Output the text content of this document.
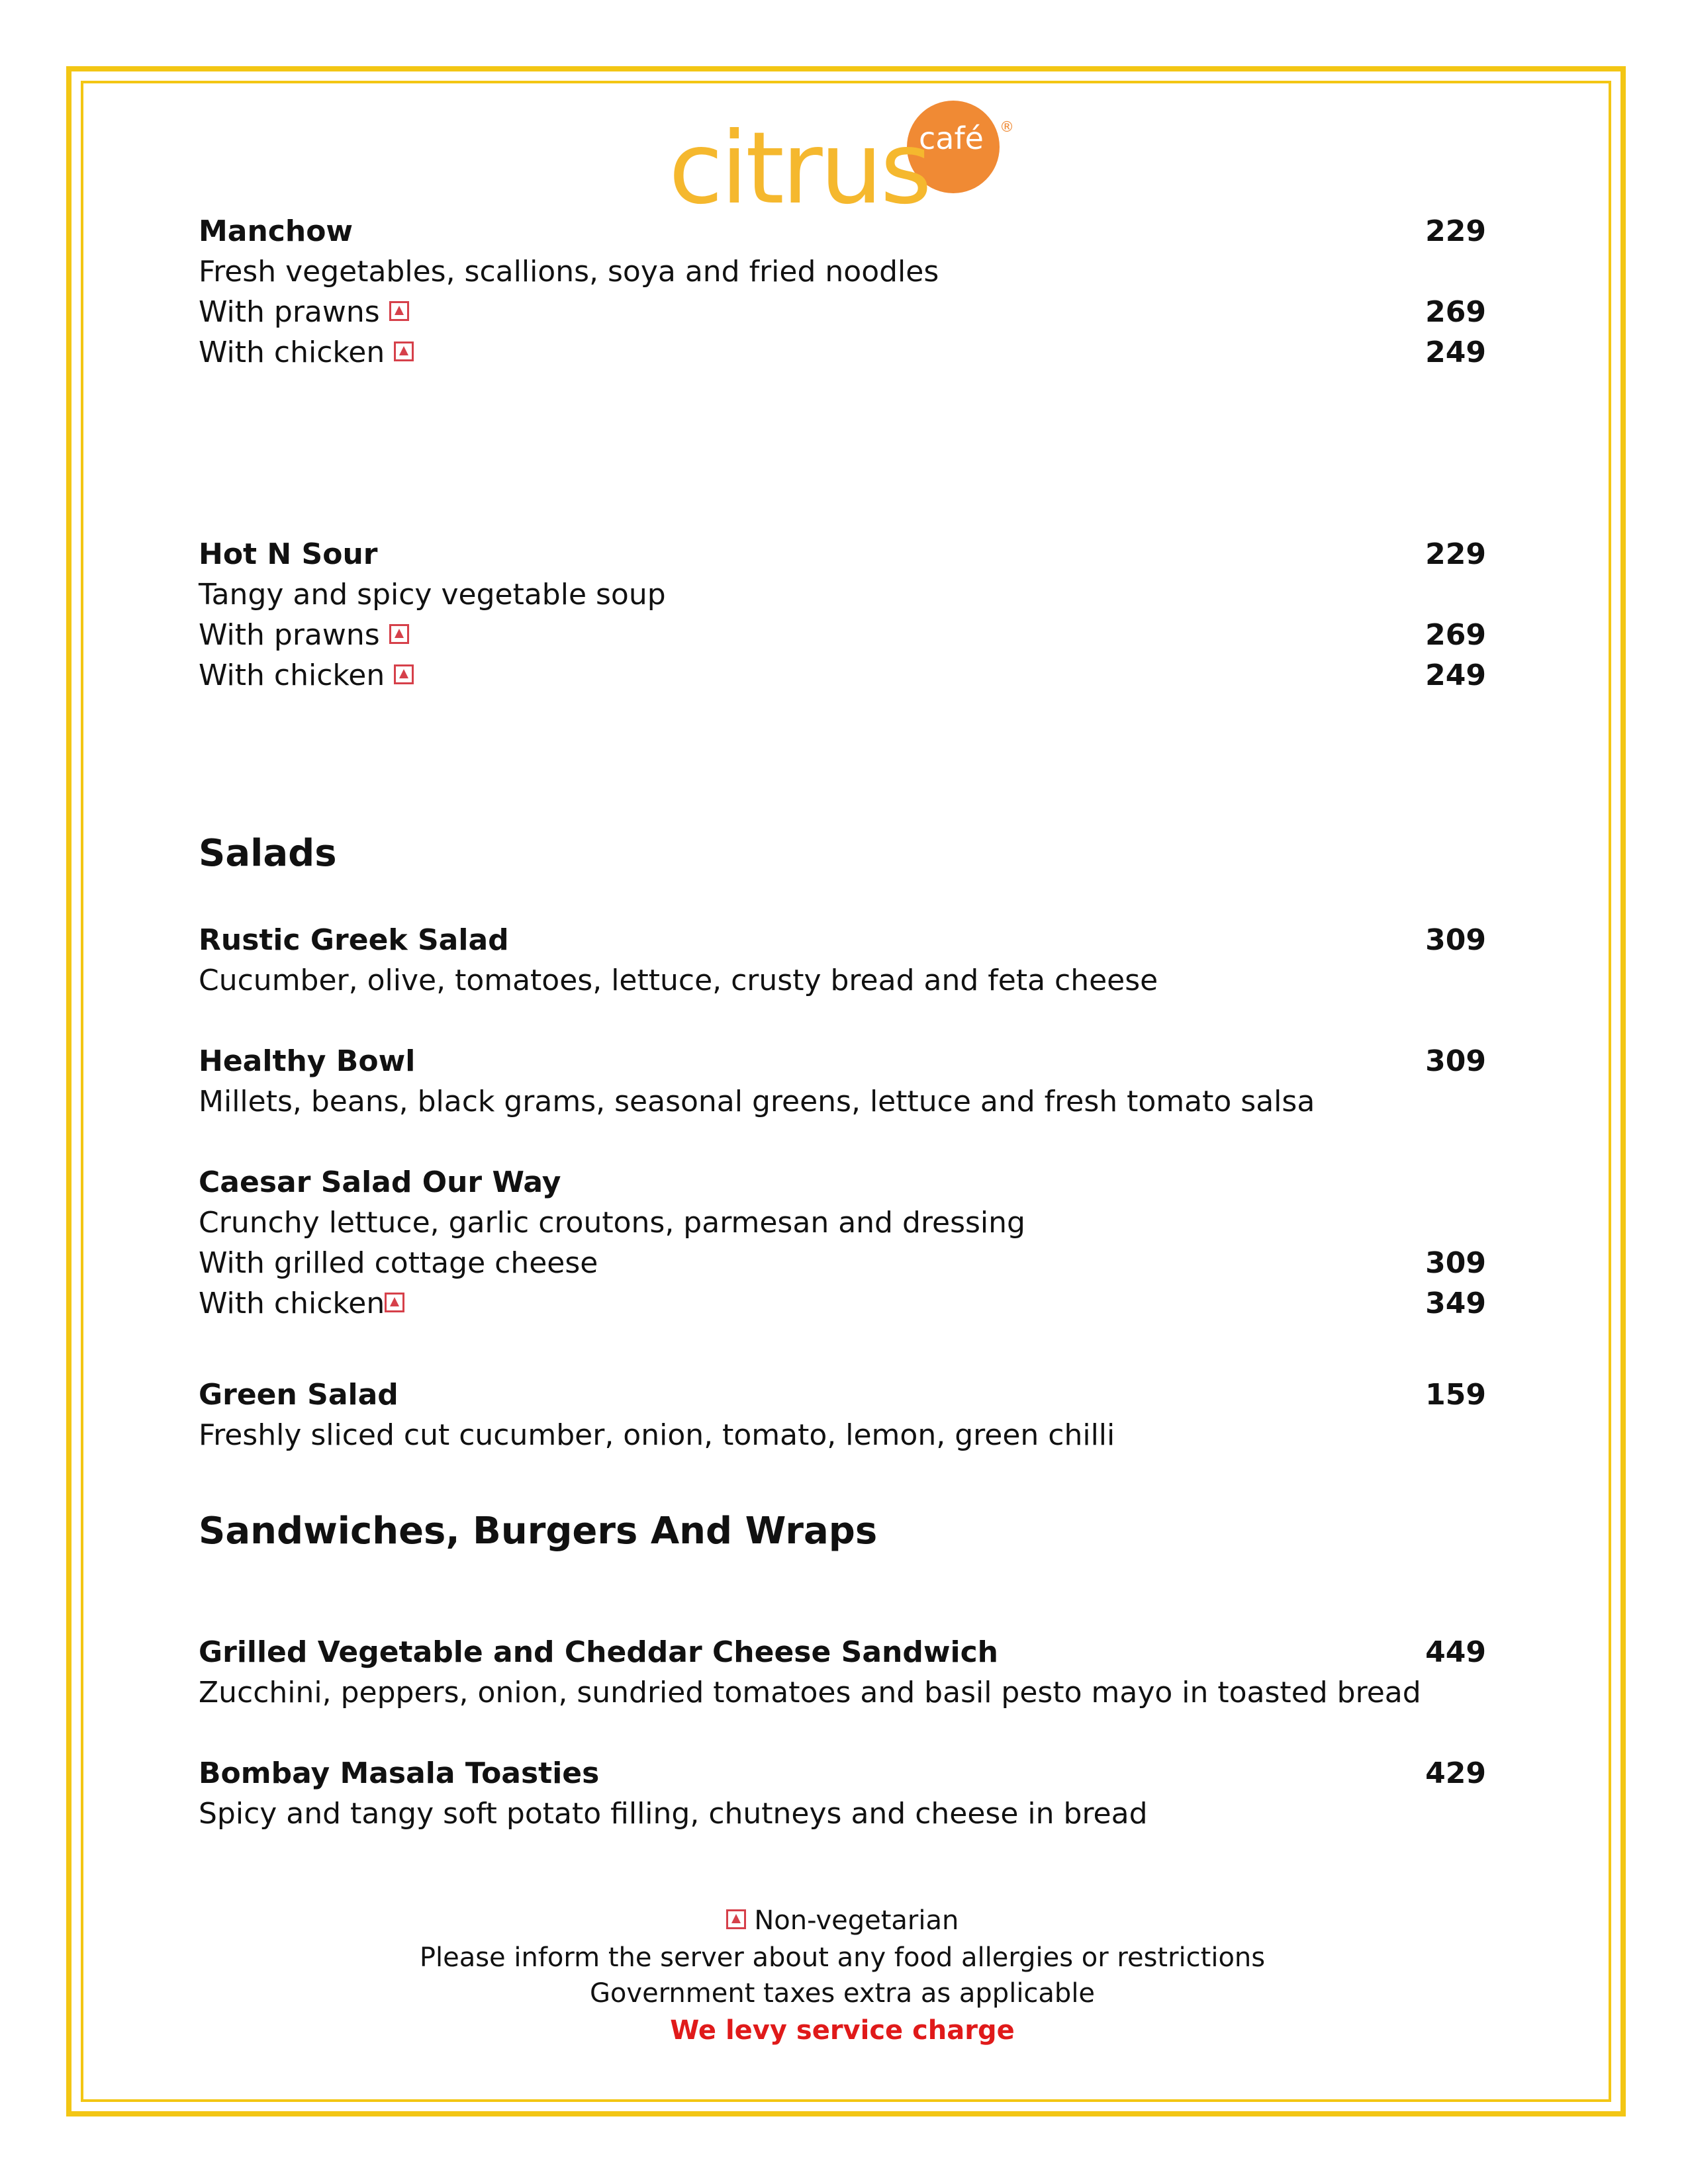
citrus
café ®
Manchow	229
Fresh vegetables, scallions, soya and fried noodles
With prawns	269
With chicken	249
Hot N Sour	229
Tangy and spicy vegetable soup
With prawns	269
With chicken	249
Salads
Rustic Greek Salad	309
Cucumber, olive, tomatoes, lettuce, crusty bread and feta cheese
Healthy Bowl	309
Millets, beans, black grams, seasonal greens, lettuce and fresh tomato salsa
Caesar Salad Our Way
Crunchy lettuce, garlic croutons, parmesan and dressing
With grilled cottage cheese	309
With chicken	349
Green Salad	159
Freshly sliced cut cucumber, onion, tomato, lemon, green chilli
Sandwiches, Burgers And Wraps
Grilled Vegetable and Cheddar Cheese Sandwich	449
Zucchini, peppers, onion, sundried tomatoes and basil pesto mayo in toasted bread
Bombay Masala Toasties	429
Spicy and tangy soft potato filling, chutneys and cheese in bread
Non-vegetarian
Please inform the server about any food allergies or restrictions
Government taxes extra as applicable
We levy service charge
